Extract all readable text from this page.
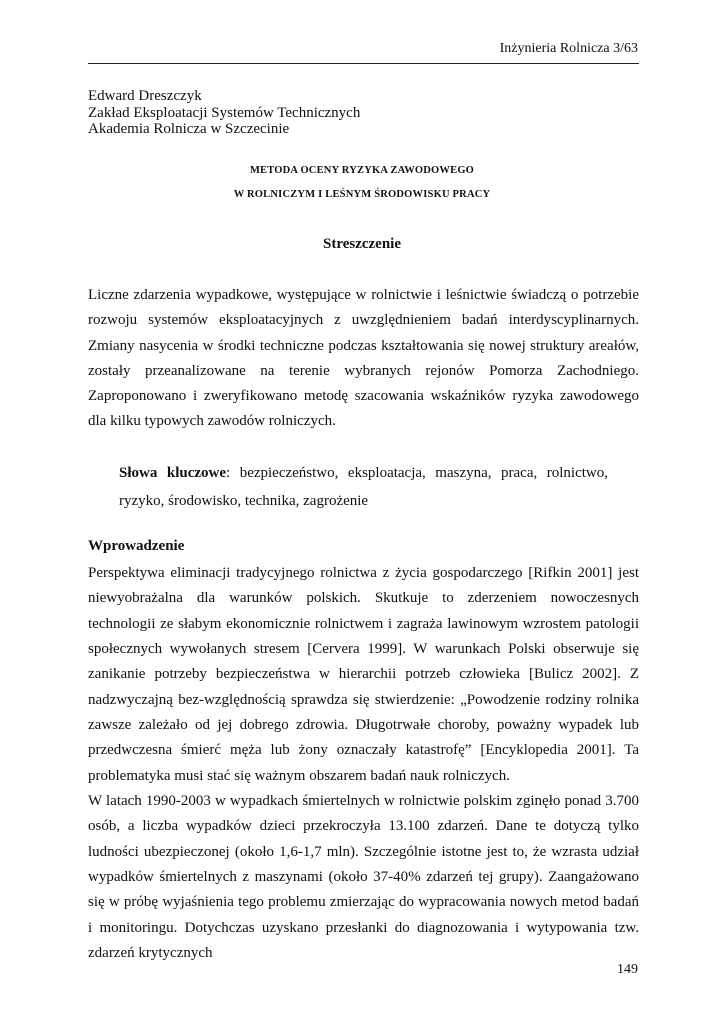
Inżynieria Rolnicza 3/63
Edward Dreszczyk
Zakład Eksploatacji Systemów Technicznych
Akademia Rolnicza w Szczecinie
METODA OCENY RYZYKA ZAWODOWEGO
W ROLNICZYM I LEŚNYM ŚRODOWISKU PRACY
Streszczenie

Liczne zdarzenia wypadkowe, występujące w rolnictwie i leśnictwie świadczą o potrzebie rozwoju systemów eksploatacyjnych z uwzględnieniem badań interdyscyplinarnych. Zmiany nasycenia w środki techniczne podczas kształtowania się nowej struktury areałów, zostały przeanalizowane na terenie wybranych rejonów Pomorza Zachodniego. Zaproponowano i zweryfikowano metodę szacowania wskaźników ryzyka zawodowego dla kilku typowych zawodów rolniczych.

Słowa kluczowe: bezpieczeństwo, eksploatacja, maszyna, praca, rolnictwo, ryzyko, środowisko, technika, zagrożenie
Wprowadzenie

Perspektywa eliminacji tradycyjnego rolnictwa z życia gospodarczego [Rifkin 2001] jest niewyobrażalna dla warunków polskich. Skutkuje to zderzeniem nowoczesnych technologii ze słabym ekonomicznie rolnictwem i zagraża lawinowym wzrostem patologii społecznych wywołanych stresem [Cervera 1999]. W warunkach Polski obserwuje się zanikanie potrzeby bezpieczeństwa w hierarchii potrzeb człowieka [Bulicz 2002]. Z nadzwyczajną bez-względnością sprawdza się stwierdzenie: „Powodzenie rodziny rolnika zawsze zależało od jej dobrego zdrowia. Długotrwałe choroby, poważny wypadek lub przedwczesna śmierć męża lub żony oznaczały katastrofę” [Encyklopedia 2001]. Ta problematyka musi stać się ważnym obszarem badań nauk rolniczych.

W latach 1990-2003 w wypadkach śmiertelnych w rolnictwie polskim zginęło ponad 3.700 osób, a liczba wypadków dzieci przekroczyła 13.100 zdarzeń. Dane te dotyczą tylko ludności ubezpieczonej (około 1,6-1,7 mln). Szczególnie istotne jest to, że wzrasta udział wypadków śmiertelnych z maszynami (około 37-40% zdarzeń tej grupy). Zaangażowano się w próbę wyjaśnienia tego problemu zmierzając do wypracowania nowych metod badań i monitoringu. Dotychczas uzyskano przesłanki do diagnozowania i wytypowania tzw. zdarzeń krytycznych

149
